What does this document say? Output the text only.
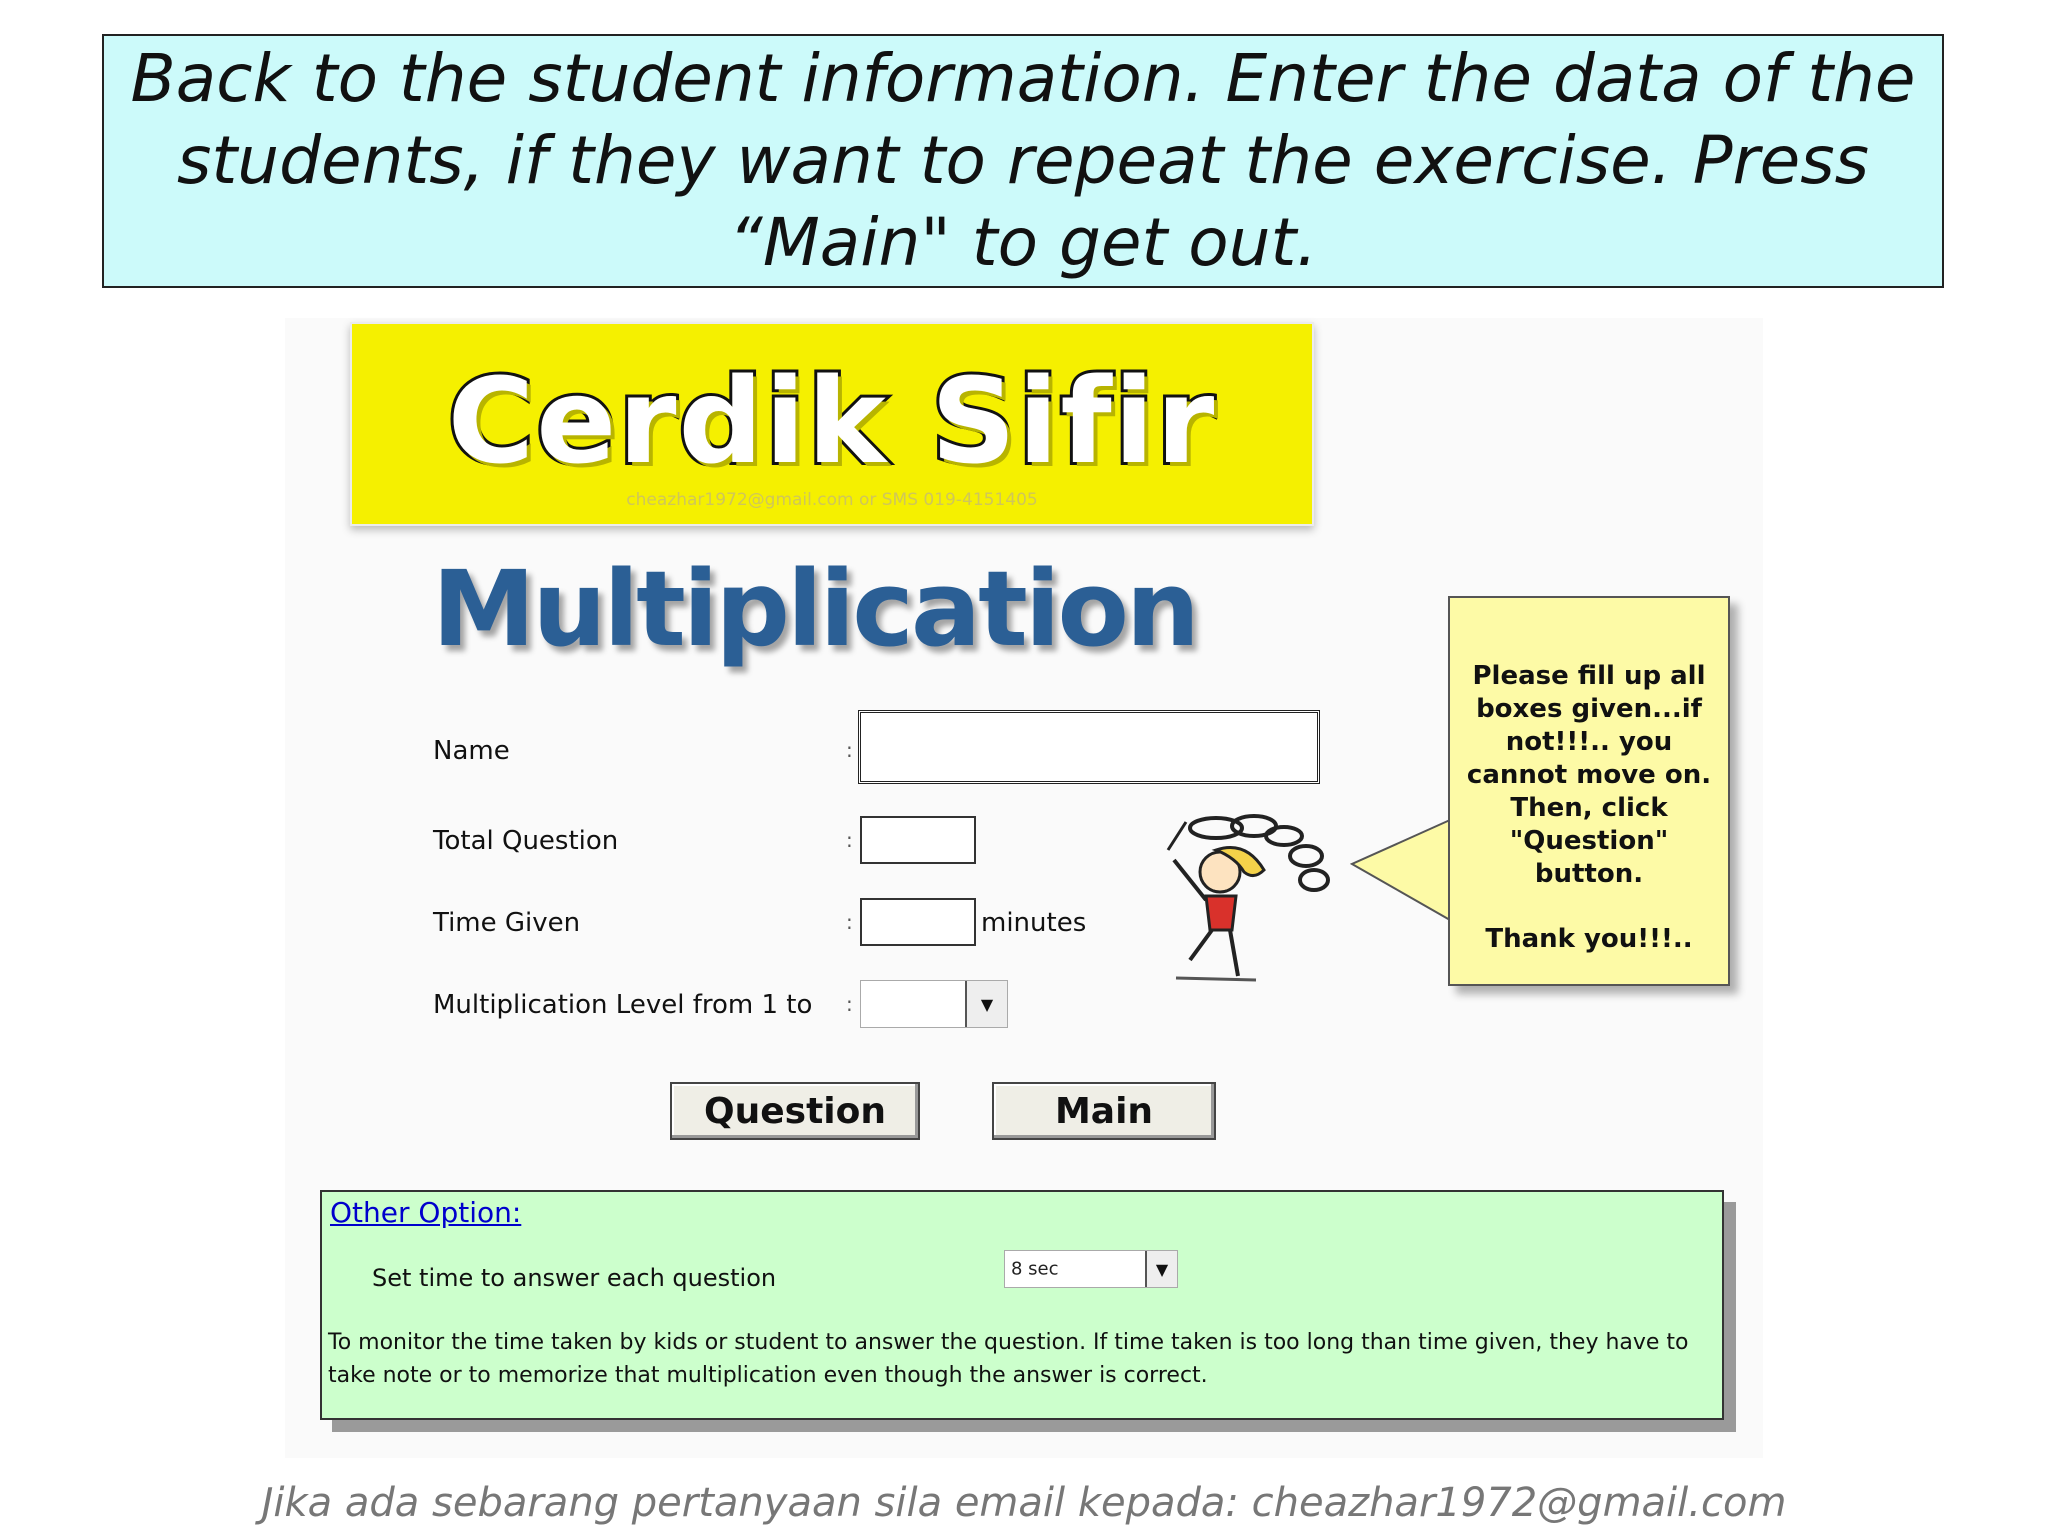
Back to the student information. Enter the data of the students, if they want to repeat the exercise. Press “Main" to get out.
Cerdik Sifir
cheazhar1972@gmail.com or SMS 019-4151405
Multiplication
Name	:
Total Question	:
Time Given	:	minutes
Multiplication Level from 1 to :	▼
Question	Main
Please fill up all boxes given...if not!!!.. you cannot move on. Then, click "Question" button.
Thank you!!!..
Other Option:
Set time to answer each question	8 sec	▼
To monitor the time taken by kids or student to answer the question. If time taken is too long than time given, they have to take note or to memorize that multiplication even though the answer is correct.
Jika ada sebarang pertanyaan sila email kepada: cheazhar1972@gmail.com
